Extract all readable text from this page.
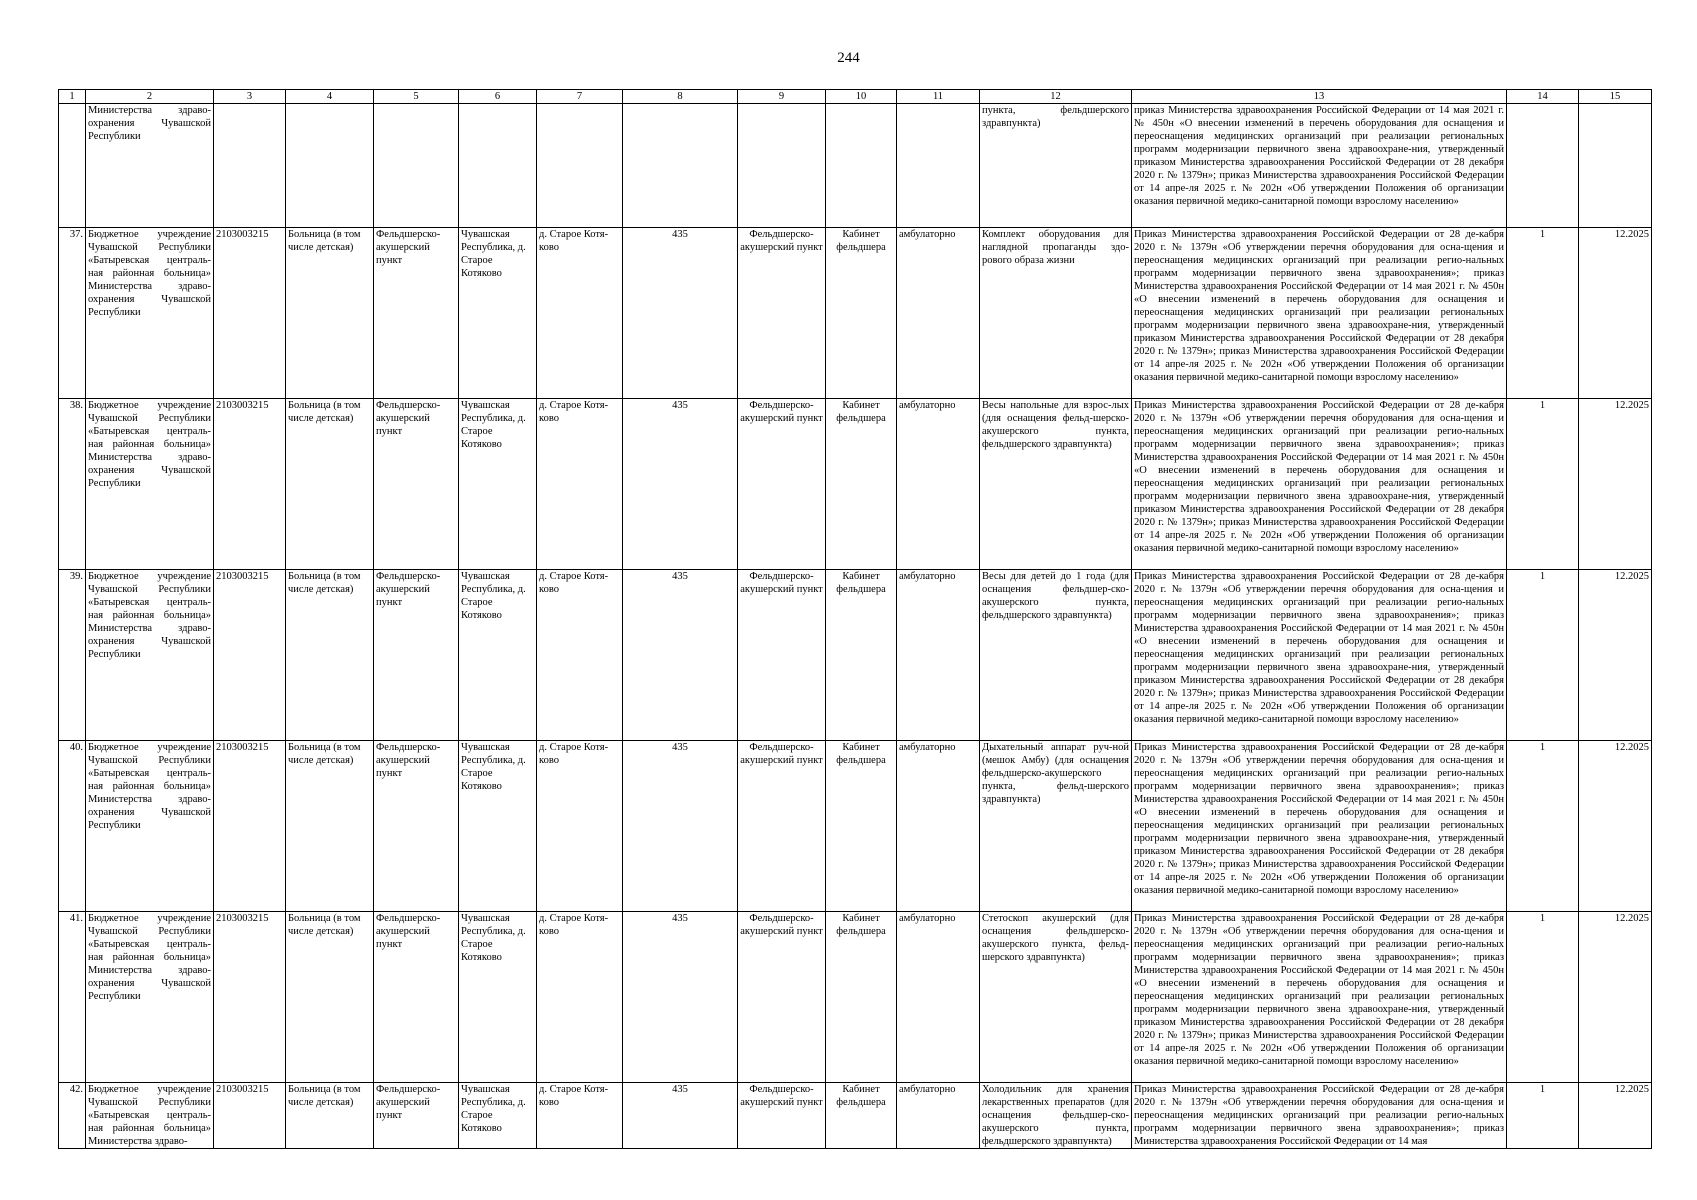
244
1	2	3	4	5	6	7	8	9	10	11	12	13	14	15
	Министерства здраво-охранения Чувашской Республики										пункта, фельдшерского здравпункта)	приказ Министерства здравоохранения Российской Федерации от 14 мая 2021 г. № 450н «О внесении изменений в перечень оборудования для оснащения и переоснащения медицинских организаций при реализации региональных программ модернизации первичного звена здравоохране-ния, утвержденный приказом Министерства здравоохранения Российской Федерации от 28 декабря 2020 г. № 1379н»; приказ Министерства здравоохранения Российской Федерации от 14 апре-ля 2025 г. № 202н «Об утверждении Положения об организации оказания первичной медико-санитарной помощи взрослому населению»		
37.	Бюджетное учреждение Чувашской Республики «Батыревская централь-ная районная больница» Министерства здраво-охранения Чувашской Республики	2103003215	Больница (в том числе детская)	Фельдшерско-акушерский пункт	Чувашская Республика, д. Старое Котяково	д. Старое Котя-ково	435	Фельдшерско-акушерский пункт	Кабинет фельдшера	амбулаторно	Комплект оборудования для наглядной пропаганды здо-рового образа жизни	Приказ Министерства здравоохранения Российской Федерации от 28 де-кабря 2020 г. № 1379н «Об утверждении перечня оборудования для осна-щения и переоснащения медицинских организаций при реализации регио-нальных программ модернизации первичного звена здравоохранения»; приказ Министерства здравоохранения Российской Федерации от 14 мая 2021 г. № 450н «О внесении изменений в перечень оборудования для оснащения и переоснащения медицинских организаций при реализации региональных программ модернизации первичного звена здравоохране-ния, утвержденный приказом Министерства здравоохранения Российской Федерации от 28 декабря 2020 г. № 1379н»; приказ Министерства здравоохранения Российской Федерации от 14 апре-ля 2025 г. № 202н «Об утверждении Положения об организации оказания первичной медико-санитарной помощи взрослому населению»	1	12.2025
38.	Бюджетное учреждение Чувашской Республики «Батыревская централь-ная районная больница» Министерства здраво-охранения Чувашской Республики	2103003215	Больница (в том числе детская)	Фельдшерско-акушерский пункт	Чувашская Республика, д. Старое Котяково	д. Старое Котя-ково	435	Фельдшерско-акушерский пункт	Кабинет фельдшера	амбулаторно	Весы напольные для взрос-лых (для оснащения фельд-шерско-акушерского пункта, фельдшерского здравпункта)	Приказ Министерства здравоохранения Российской Федерации от 28 де-кабря 2020 г. № 1379н «Об утверждении перечня оборудования для осна-щения и переоснащения медицинских организаций при реализации регио-нальных программ модернизации первичного звена здравоохранения»; приказ Министерства здравоохранения Российской Федерации от 14 мая 2021 г. № 450н «О внесении изменений в перечень оборудования для оснащения и переоснащения медицинских организаций при реализации региональных программ модернизации первичного звена здравоохране-ния, утвержденный приказом Министерства здравоохранения Российской Федерации от 28 декабря 2020 г. № 1379н»; приказ Министерства здравоохранения Российской Федерации от 14 апре-ля 2025 г. № 202н «Об утверждении Положения об организации оказания первичной медико-санитарной помощи взрослому населению»	1	12.2025
39.	Бюджетное учреждение Чувашской Республики «Батыревская централь-ная районная больница» Министерства здраво-охранения Чувашской Республики	2103003215	Больница (в том числе детская)	Фельдшерско-акушерский пункт	Чувашская Республика, д. Старое Котяково	д. Старое Котя-ково	435	Фельдшерско-акушерский пункт	Кабинет фельдшера	амбулаторно	Весы для детей до 1 года (для оснащения фельдшер-ско-акушерского пункта, фельдшерского здравпункта)	Приказ Министерства здравоохранения Российской Федерации от 28 де-кабря 2020 г. № 1379н «Об утверждении перечня оборудования для осна-щения и переоснащения медицинских организаций при реализации регио-нальных программ модернизации первичного звена здравоохранения»; приказ Министерства здравоохранения Российской Федерации от 14 мая 2021 г. № 450н «О внесении изменений в перечень оборудования для оснащения и переоснащения медицинских организаций при реализации региональных программ модернизации первичного звена здравоохране-ния, утвержденный приказом Министерства здравоохранения Российской Федерации от 28 декабря 2020 г. № 1379н»; приказ Министерства здравоохранения Российской Федерации от 14 апре-ля 2025 г. № 202н «Об утверждении Положения об организации оказания первичной медико-санитарной помощи взрослому населению»	1	12.2025
40.	Бюджетное учреждение Чувашской Республики «Батыревская централь-ная районная больница» Министерства здраво-охранения Чувашской Республики	2103003215	Больница (в том числе детская)	Фельдшерско-акушерский пункт	Чувашская Республика, д. Старое Котяково	д. Старое Котя-ково	435	Фельдшерско-акушерский пункт	Кабинет фельдшера	амбулаторно	Дыхательный аппарат руч-ной (мешок Амбу) (для оснащения фельдшерско-акушерского пункта, фельд-шерского здравпункта)	Приказ Министерства здравоохранения Российской Федерации от 28 де-кабря 2020 г. № 1379н «Об утверждении перечня оборудования для осна-щения и переоснащения медицинских организаций при реализации регио-нальных программ модернизации первичного звена здравоохранения»; приказ Министерства здравоохранения Российской Федерации от 14 мая 2021 г. № 450н «О внесении изменений в перечень оборудования для оснащения и переоснащения медицинских организаций при реализации региональных программ модернизации первичного звена здравоохране-ния, утвержденный приказом Министерства здравоохранения Российской Федерации от 28 декабря 2020 г. № 1379н»; приказ Министерства здравоохранения Российской Федерации от 14 апре-ля 2025 г. № 202н «Об утверждении Положения об организации оказания первичной медико-санитарной помощи взрослому населению»	1	12.2025
41.	Бюджетное учреждение Чувашской Республики «Батыревская централь-ная районная больница» Министерства здраво-охранения Чувашской Республики	2103003215	Больница (в том числе детская)	Фельдшерско-акушерский пункт	Чувашская Республика, д. Старое Котяково	д. Старое Котя-ково	435	Фельдшерско-акушерский пункт	Кабинет фельдшера	амбулаторно	Стетоскоп акушерский (для оснащения фельдшерско-акушерского пункта, фельд-шерского здравпункта)	Приказ Министерства здравоохранения Российской Федерации от 28 де-кабря 2020 г. № 1379н «Об утверждении перечня оборудования для осна-щения и переоснащения медицинских организаций при реализации регио-нальных программ модернизации первичного звена здравоохранения»; приказ Министерства здравоохранения Российской Федерации от 14 мая 2021 г. № 450н «О внесении изменений в перечень оборудования для оснащения и переоснащения медицинских организаций при реализации региональных программ модернизации первичного звена здравоохране-ния, утвержденный приказом Министерства здравоохранения Российской Федерации от 28 декабря 2020 г. № 1379н»; приказ Министерства здравоохранения Российской Федерации от 14 апре-ля 2025 г. № 202н «Об утверждении Положения об организации оказания первичной медико-санитарной помощи взрослому населению»	1	12.2025
42.	Бюджетное учреждение Чувашской Республики «Батыревская централь-ная районная больница» Министерства здраво-	2103003215	Больница (в том числе детская)	Фельдшерско-акушерский пункт	Чувашская Республика, д. Старое Котяково	д. Старое Котя-ково	435	Фельдшерско-акушерский пункт	Кабинет фельдшера	амбулаторно	Холодильник для хранения лекарственных препаратов (для оснащения фельдшер-ско-акушерского пункта, фельдшерского здравпункта)	Приказ Министерства здравоохранения Российской Федерации от 28 де-кабря 2020 г. № 1379н «Об утверждении перечня оборудования для осна-щения и переоснащения медицинских организаций при реализации регио-нальных программ модернизации первичного звена здравоохранения»; приказ Министерства здравоохранения Российской Федерации от 14 мая	1	12.2025
